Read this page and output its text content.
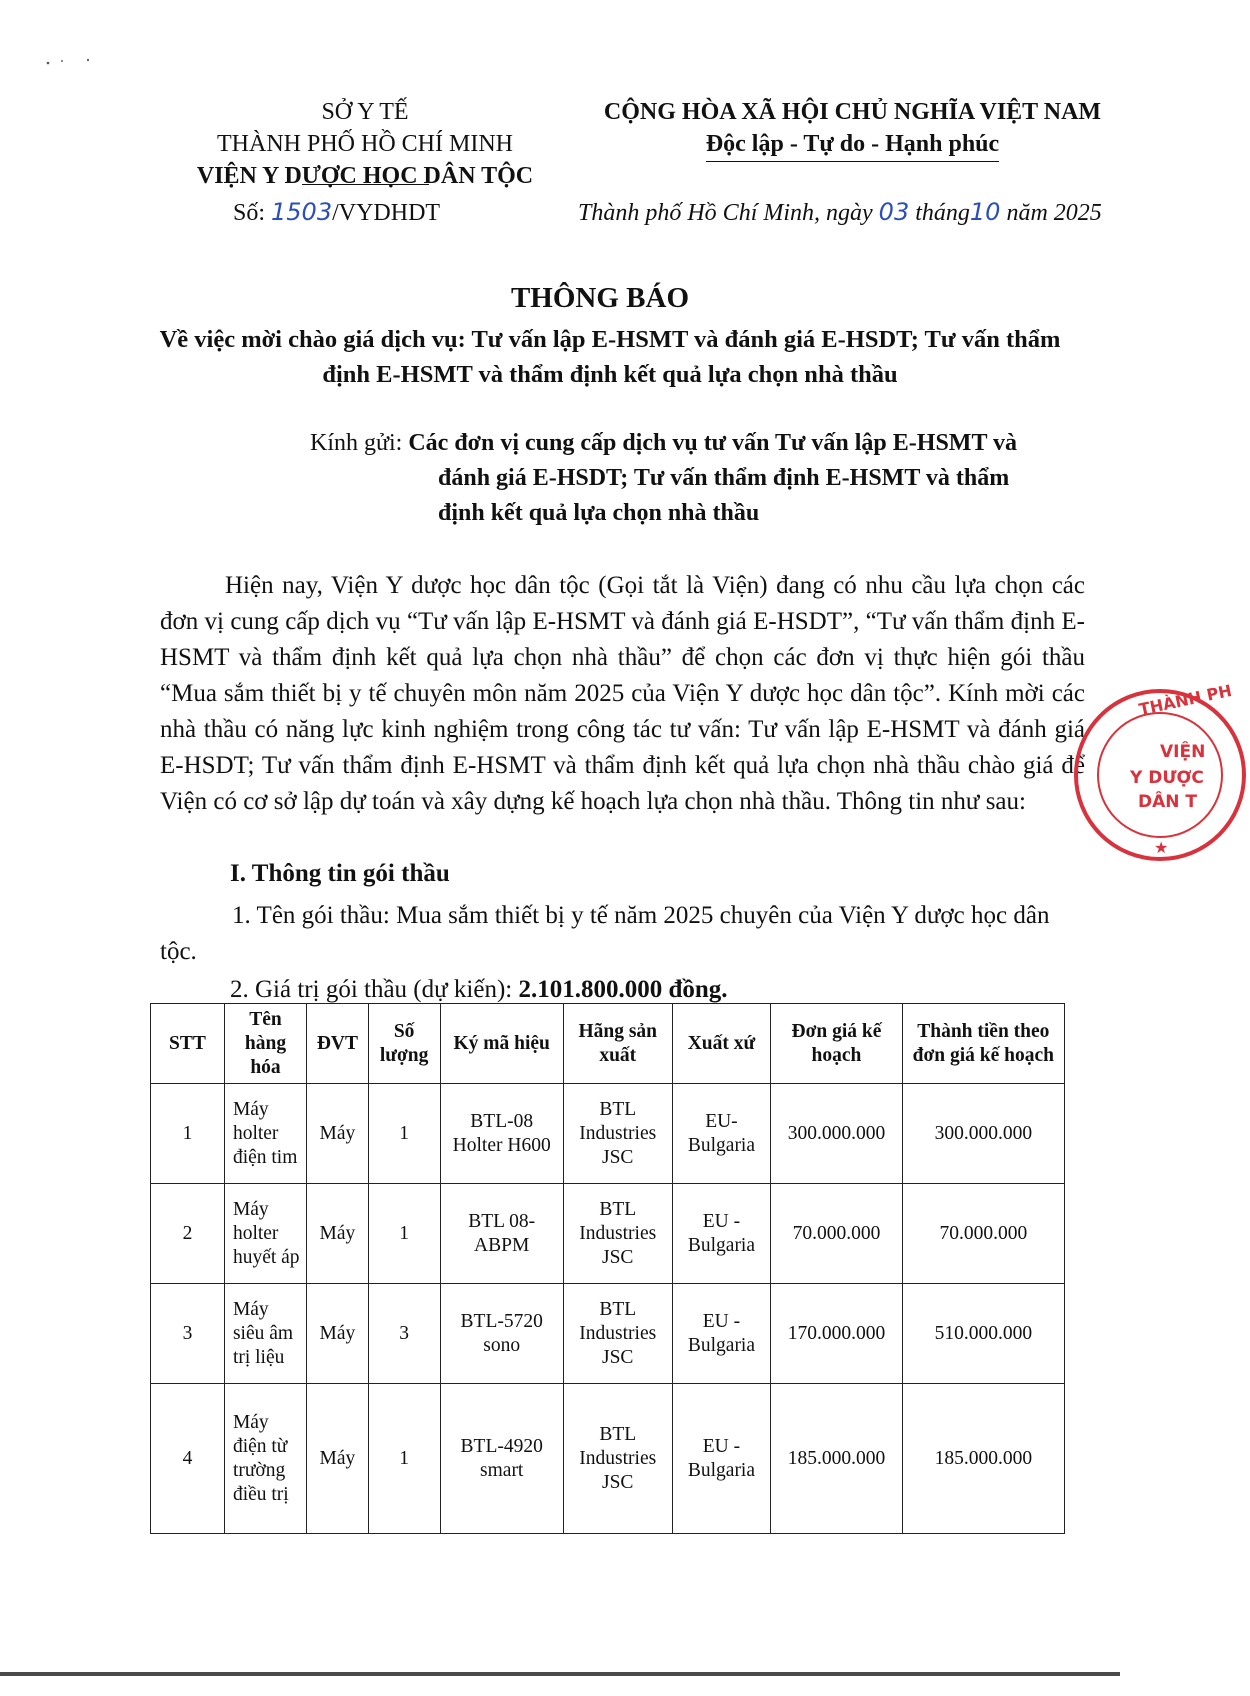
SỞ Y TẾ
THÀNH PHỐ HỒ CHÍ MINH
VIỆN Y DƯỢC HỌC DÂN TỘC
Số: 1503/VYDHDT
CỘNG HÒA XÃ HỘI CHỦ NGHĨA VIỆT NAM
Độc lập - Tự do - Hạnh phúc
Thành phố Hồ Chí Minh, ngày 03 tháng10 năm 2025
THÔNG BÁO
Về việc mời chào giá dịch vụ: Tư vấn lập E-HSMT và đánh giá E-HSDT; Tư vấn thẩm định E-HSMT và thẩm định kết quả lựa chọn nhà thầu
Kính gửi: Các đơn vị cung cấp dịch vụ tư vấn Tư vấn lập E-HSMT và
đánh giá E-HSDT; Tư vấn thẩm định E-HSMT và thẩm
định kết quả lựa chọn nhà thầu
Hiện nay, Viện Y dược học dân tộc (Gọi tắt là Viện) đang có nhu cầu lựa chọn các đơn vị cung cấp dịch vụ “Tư vấn lập E-HSMT và đánh giá E-HSDT”, “Tư vấn thẩm định E-HSMT và thẩm định kết quả lựa chọn nhà thầu” để chọn các đơn vị thực hiện gói thầu “Mua sắm thiết bị y tế chuyên môn năm 2025 của Viện Y dược học dân tộc”. Kính mời các nhà thầu có năng lực kinh nghiệm trong công tác tư vấn: Tư vấn lập E-HSMT và đánh giá E-HSDT; Tư vấn thẩm định E-HSMT và thẩm định kết quả lựa chọn nhà thầu chào giá để Viện có cơ sở lập dự toán và xây dựng kế hoạch lựa chọn nhà thầu. Thông tin như sau:
I. Thông tin gói thầu
1. Tên gói thầu: Mua sắm thiết bị y tế năm 2025 chuyên của Viện Y dược học dân tộc.
2. Giá trị gói thầu (dự kiến): 2.101.800.000 đồng.
STT	Tên hàng hóa	ĐVT	Số lượng	Ký mã hiệu	Hãng sản xuất	Xuất xứ	Đơn giá kế hoạch	Thành tiền theo đơn giá kế hoạch
1	Máy holter điện tim	Máy	1	BTL-08 Holter H600	BTL Industries JSC	EU-Bulgaria	300.000.000	300.000.000
2	Máy holter huyết áp	Máy	1	BTL 08-ABPM	BTL Industries JSC	EU - Bulgaria	70.000.000	70.000.000
3	Máy siêu âm trị liệu	Máy	3	BTL-5720 sono	BTL Industries JSC	EU - Bulgaria	170.000.000	510.000.000
4	Máy điện từ trường điều trị	Máy	1	BTL-4920 smart	BTL Industries JSC	EU - Bulgaria	185.000.000	185.000.000
THÀNH PH
VIỆN
Y DƯỢC
DÂN T
★
